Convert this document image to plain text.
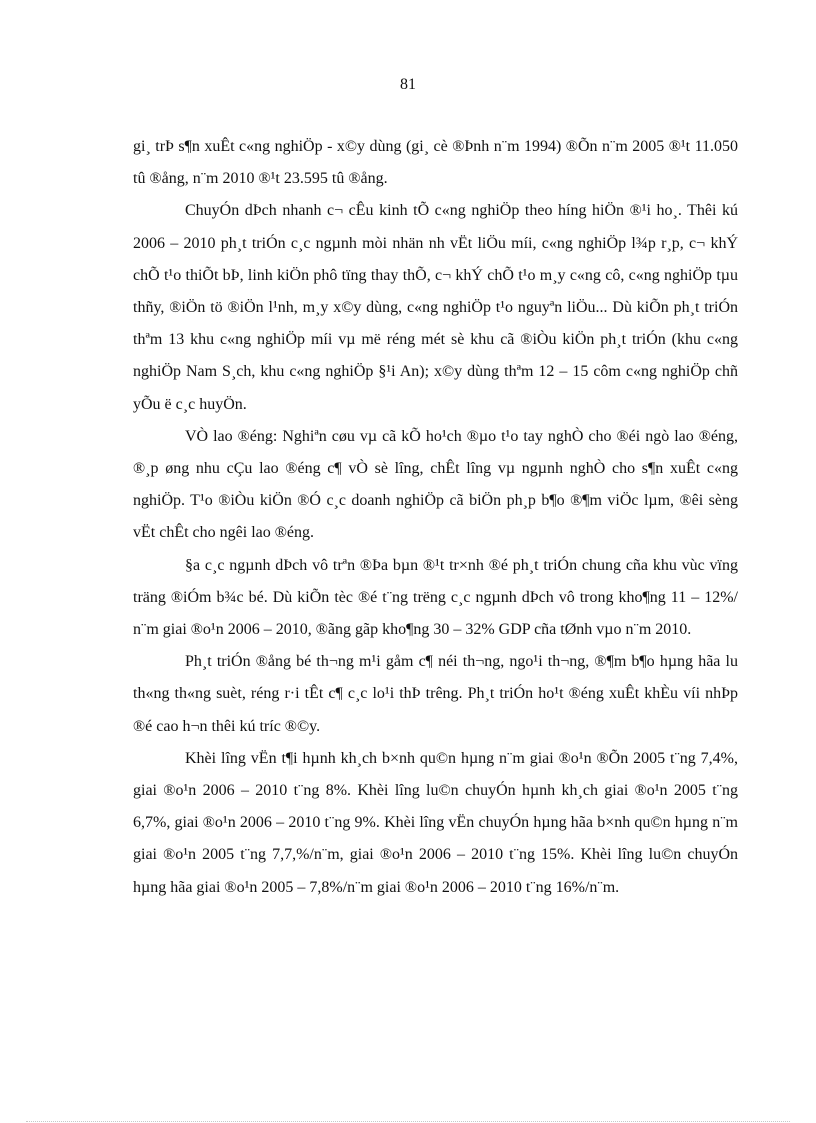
81

gi¸ trÞ s¶n xuÊt c«ng nghiÖp - x©y dùng (gi¸ cè ®Þnh n¨m 1994) ®Õn n¨m 2005 ®¹t 11.050 tû ®ång, n¨m 2010 ®¹t 23.595 tû ®ång.

ChuyÓn dÞch nhanh c¬ cÊu kinh tÕ c«ng nghiÖp theo híng hiÖn ®¹i ho¸. Thêi kú 2006 – 2010 ph¸t triÓn c¸c ngµnh mòi nhän nh vËt liÖu míi, c«ng nghiÖp l¾p r¸p, c¬ khÝ chÕ t¹o thiÕt bÞ, linh kiÖn phô tïng thay thÕ, c¬ khÝ chÕ t¹o m¸y c«ng cô, c«ng nghiÖp tµu thñy, ®iÖn tö ®iÖn l¹nh, m¸y x©y dùng, c«ng nghiÖp t¹o nguyªn liÖu... Dù kiÕn ph¸t triÓn thªm 13 khu c«ng nghiÖp míi vµ më réng mét sè khu cã ®iÒu kiÖn ph¸t triÓn (khu c«ng nghiÖp Nam S¸ch, khu c«ng nghiÖp §¹i An); x©y dùng thªm 12 – 15 côm c«ng nghiÖp chñ yÕu ë c¸c huyÖn.

VÒ lao ®éng: Nghiªn cøu vµ cã kÕ ho¹ch ®µo t¹o tay nghÒ cho ®éi ngò lao ®éng, ®¸p øng nhu cÇu lao ®éng c¶ vÒ sè lîng, chÊt lîng vµ ngµnh nghÒ cho s¶n xuÊt c«ng nghiÖp. T¹o ®iÒu kiÖn ®Ó c¸c doanh nghiÖp cã biÖn ph¸p b¶o ®¶m viÖc lµm, ®êi sèng vËt chÊt cho ngêi lao ®éng.

§a c¸c ngµnh dÞch vô trªn ®Þa bµn ®¹t tr×nh ®é ph¸t triÓn chung cña khu vùc vïng träng ®iÓm b¾c bé. Dù kiÕn tèc ®é t¨ng trëng c¸c ngµnh dÞch vô trong kho¶ng 11 – 12%/ n¨m giai ®o¹n 2006 – 2010, ®ãng gãp kho¶ng 30 – 32% GDP cña tØnh vµo n¨m 2010.

Ph¸t triÓn ®ång bé th¬ng m¹i gåm c¶ néi th¬ng, ngo¹i th¬ng, ®¶m b¶o hµng hãa lu th«ng th«ng suèt, réng r·i tÊt c¶ c¸c lo¹i thÞ trêng. Ph¸t triÓn ho¹t ®éng xuÊt khÈu víi nhÞp ®é cao h¬n thêi kú tríc ®©y.

Khèi lîng vËn t¶i hµnh kh¸ch b×nh qu©n hµng n¨m giai ®o¹n ®Õn 2005 t¨ng 7,4%, giai ®o¹n 2006 – 2010 t¨ng 8%. Khèi lîng lu©n chuyÓn hµnh kh¸ch giai ®o¹n 2005 t¨ng 6,7%, giai ®o¹n 2006 – 2010 t¨ng 9%. Khèi lîng vËn chuyÓn hµng hãa b×nh qu©n hµng n¨m giai ®o¹n 2005 t¨ng 7,7,%/n¨m, giai ®o¹n 2006 – 2010 t¨ng 15%. Khèi lîng lu©n chuyÓn hµng hãa giai ®o¹n 2005 – 7,8%/n¨m giai ®o¹n 2006 – 2010 t¨ng 16%/n¨m.
